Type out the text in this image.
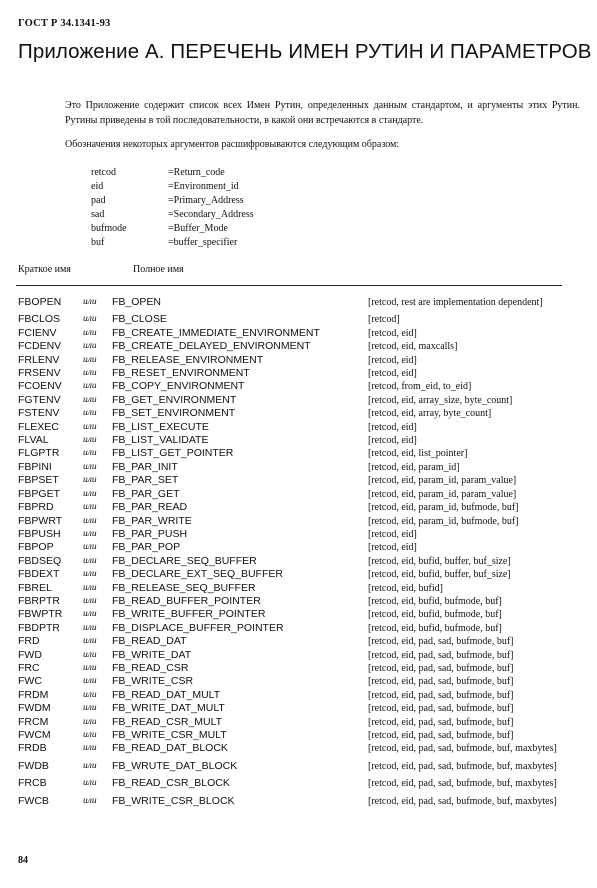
ГОСТ Р 34.1341-93
Приложение А. ПЕРЕЧЕНЬ ИМЕН РУТИН И ПАРАМЕТРОВ
Это Приложение содержит список всех Имен Рутин, определенных данным стандартом, и аргументы этих Рутин. Рутины приведены в той последовательности, в какой они встречаются в стандарте.
Обозначения некоторых аргументов расшифровываются следующим образом:
retcod	=Return_code
eid	=Environment_id
pad	=Primary_Address
sad	=Secondary_Address
bufmode	=Buffer_Mode
buf	=buffer_specifier
Краткое имя	Полное имя
FBOPEN или FB_OPEN	[retcod, rest are implementation dependent]
FBCLOS или FB_CLOSE	[retcod]
FCIENV	или FB_CREATE_IMMEDIATE_ENVIRONMENT	[retcod, eid]
FCDENV или FB_CREATE_DELAYED_ENVIRONMENT	[retcod, eid, maxcalls]
FRLENV или FB_RELEASE_ENVIRONMENT	[retcod, eid]
FRSENV или FB_RESET_ENVIRONMENT	[retcod, eid]
FCOENV или FB_COPY_ENVIRONMENT	[retcod, from_eid, to_eid]
FGTENV или FB_GET_ENVIRONMENT	[retcod, eid, array_size, byte_count]
FSTENV или FB_SET_ENVIRONMENT	[retcod, eid, array, byte_count]
FLEXEC	или FB_LIST_EXECUTE	[retcod, eid]
FLVAL	или FB_LIST_VALIDATE	[retcod, eid]
FLGPTR или FB_LIST_GET_POINTER	[retcod, eid, list_pointer]
FBPINI	или FB_PAR_INIT	[retcod, eid, param_id]
FBPSET	или FB_PAR_SET	[retcod, eid, param_id, param_value]
FBPGET или FB_PAR_GET	[retcod, eid, param_id, param_value]
FBPRD	или FB_PAR_READ	[retcod, eid, param_id, bufmode, buf]
FBPWRT или FB_PAR_WRITE	[retcod, eid, param_id, bufmode, buf]
FBPUSH или FB_PAR_PUSH	[retcod, eid]
FBPOP	или FB_PAR_POP	[retcod, eid]
FBDSEQ или FB_DECLARE_SEQ_BUFFER	[retcod, eid, bufid, buffer, buf_size]
FBDEXT или FB_DECLARE_EXT_SEQ_BUFFER	[retcod, eid, bufid, buffer, buf_size]
FBREL	или FB_RELEASE_SEQ_BUFFER	[retcod, eid, bufid]
FBRPTR или FB_READ_BUFFER_POINTER	[retcod, eid, bufid, bufmode, buf]
FBWPTR или FB_WRITE_BUFFER_POINTER	[retcod, eid, bufid, bufmode, buf]
FBDPTR или FB_DISPLACE_BUFFER_POINTER	[retcod, eid, bufid, bufmode, buf]
FRD	или FB_READ_DAT	[retcod, eid, pad, sad, bufmode, buf]
FWD	или FB_WRITE_DAT	[retcod, eid, pad, sad, bufmode, buf]
FRC	или FB_READ_CSR	[retcod, eid, pad, sad, bufmode, buf]
FWC	или FB_WRITE_CSR	[retcod, eid, pad, sad, bufmode, buf]
FRDM	или FB_READ_DAT_MULT	[retcod, eid, pad, sad, bufmode, buf]
FWDM	или FB_WRITE_DAT_MULT	[retcod, eid, pad, sad, bufmode, buf]
FRCM	или FB_READ_CSR_MULT	[retcod, eid, pad, sad, bufmode, buf]
FWCM	или FB_WRITE_CSR_MULT	[retcod, eid, pad, sad, bufmode, buf]
FRDB	или FB_READ_DAT_BLOCK	[retcod, eid, pad, sad, bufmode, buf, maxbytes]
FWDB	или FB_WRUTE_DAT_BLOCK	[retcod, eid, pad, sad, bufmode, buf, maxbytes]
FRCB	или FB_READ_CSR_BLOCK	[retcod, eid, pad, sad, bufmode, buf, maxbytes]
FWCB	или FB_WRITE_CSR_BLOCK	[retcod, eid, pad, sad, bufmode, buf, maxbytes]
84
